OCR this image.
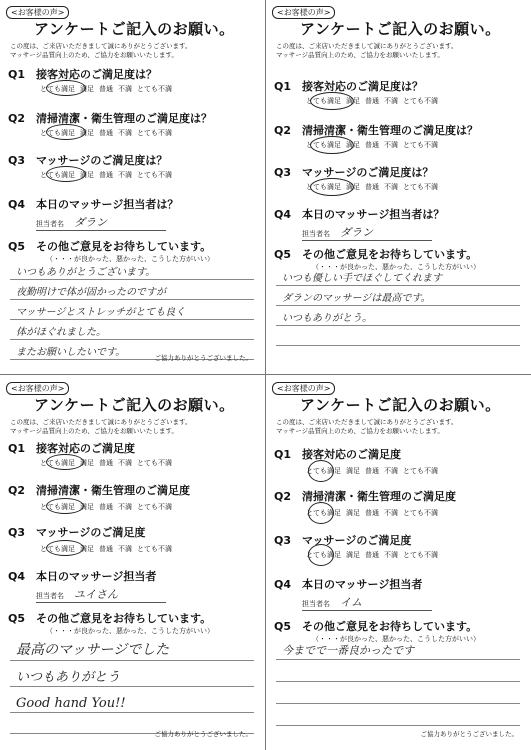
<お客様の声>
アンケートご記入のお願い。
この度は、ご来店いただきまして誠にありがとうございます。
マッサージ品質向上のため、ご協力をお願いいたします。
Q1 接客対応のご満足度は？
とても満足 満足 普通 不満 とても不満
Q2 清掃清潔・衛生管理のご満足度は？
とても満足 満足 普通 不満 とても不満
Q3 マッサージのご満足度は？
とても満足 満足 普通 不満 とても不満
Q4 本日のマッサージ担当者は？
担当者名 ダラン
Q5 その他ご意見をお待ちしています。
（・・・が良かった、悪かった、こうした方がいい）
いつもありがとうございます。
夜勤明けで体が固かったのですが
マッサージとストレッチがとても良く
体がほぐれました。
またお願いしたいです。	ご協力ありがとうございました。
<お客様の声>
アンケートご記入のお願い。
この度は、ご来店いただきまして誠にありがとうございます。
マッサージ品質向上のため、ご協力をお願いいたします。
Q1 接客対応のご満足度は？
とても満足 満足 普通 不満 とても不満
Q2 清掃清潔・衛生管理のご満足度は？
とても満足 満足 普通 不満 とても不満
Q3 マッサージのご満足度は？
とても満足 満足 普通 不満 とても不満
Q4 本日のマッサージ担当者は？
担当者名 ダラン
Q5 その他ご意見をお待ちしています。
（・・・が良かった、悪かった、こうした方がいい）
いつも優しい手でほぐしてくれます
ダランのマッサージは最高です。
いつもありがとう。
<お客様の声>
アンケートご記入のお願い。
この度は、ご来店いただきまして誠にありがとうございます。
マッサージ品質向上のため、ご協力をお願いいたします。
Q1 接客対応のご満足度
とても満足 満足 普通 不満 とても不満
Q2 清掃清潔・衛生管理のご満足度
とても満足 満足 普通 不満 とても不満
Q3 マッサージのご満足度
とても満足 満足 普通 不満 とても不満
Q4 本日のマッサージ担当者
担当者名 ユイさん
Q5 その他ご意見をお待ちしています。
（・・・が良かった、悪かった、こうした方がいい）
最高のマッサージでした
いつもありがとう
Good hand You!!
ご協力ありがとうございました。
<お客様の声>
アンケートご記入のお願い。
この度は、ご来店いただきまして誠にありがとうございます。
マッサージ品質向上のため、ご協力をお願いいたします。
Q1 接客対応のご満足度
とても満足 満足 普通 不満 とても不満
Q2 清掃清潔・衛生管理のご満足度
とても満足 満足 普通 不満 とても不満
Q3 マッサージのご満足度
とても満足 満足 普通 不満 とても不満
Q4 本日のマッサージ担当者
担当者名 イム
Q5 その他ご意見をお待ちしています。
（・・・が良かった、悪かった、こうした方がいい）
今までで一番良かったです
ご協力ありがとうございました。
